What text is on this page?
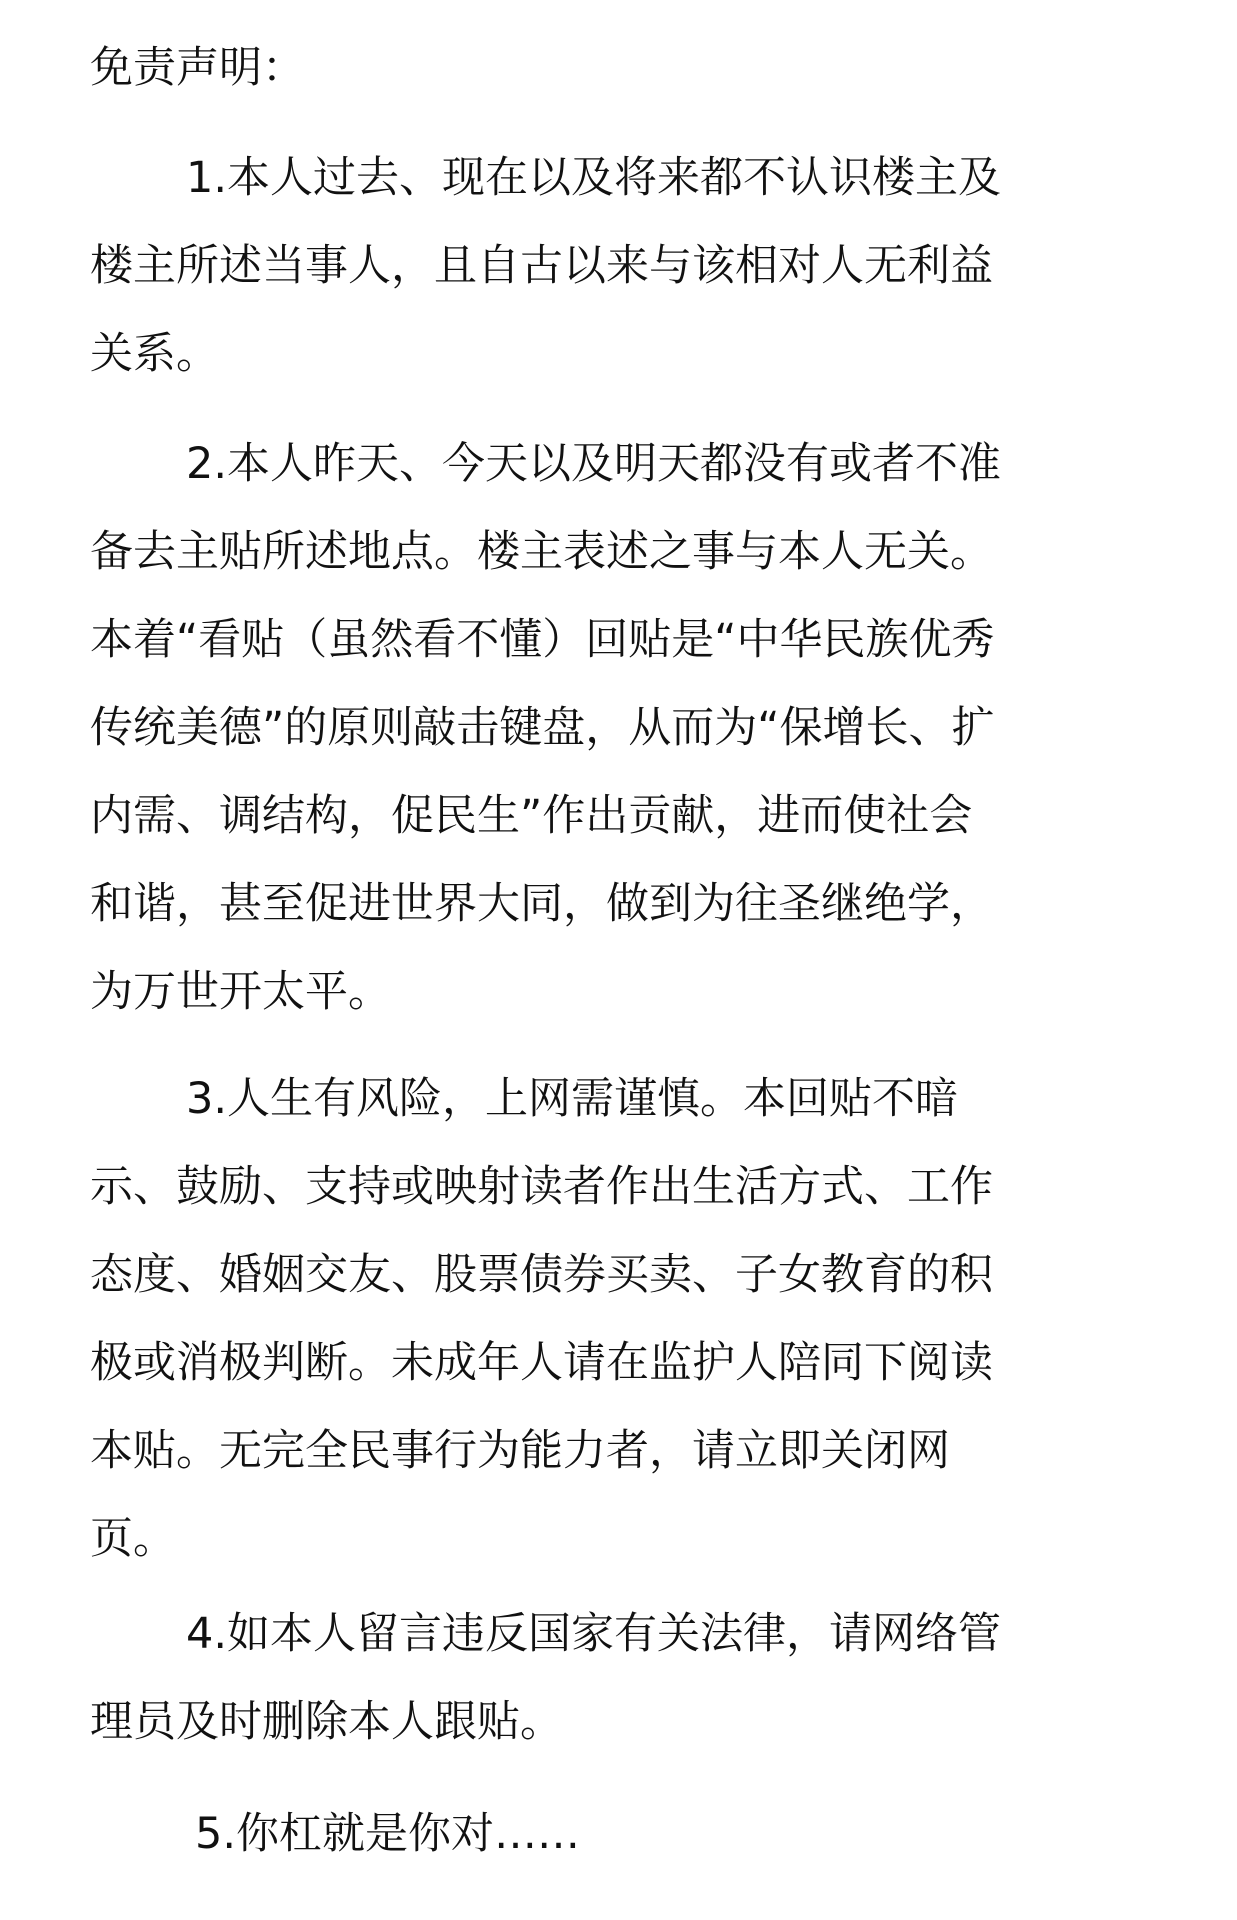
免责声明：
1.本人过去、现在以及将来都不认识楼主及
楼主所述当事人，且自古以来与该相对人无利益
关系。
2.本人昨天、今天以及明天都没有或者不准
备去主贴所述地点。楼主表述之事与本人无关。
本着“看贴（虽然看不懂）回贴是“中华民族优秀
传统美德”的原则敲击键盘，从而为“保增长、扩
内需、调结构，促民生”作出贡献，进而使社会
和谐，甚至促进世界大同，做到为往圣继绝学，
为万世开太平。
3.人生有风险，上网需谨慎。本回贴不暗
示、鼓励、支持或映射读者作出生活方式、工作
态度、婚姻交友、股票债券买卖、子女教育的积
极或消极判断。未成年人请在监护人陪同下阅读
本贴。无完全民事行为能力者，请立即关闭网
页。
4.如本人留言违反国家有关法律，请网络管
理员及时删除本人跟贴。
5.你杠就是你对……
